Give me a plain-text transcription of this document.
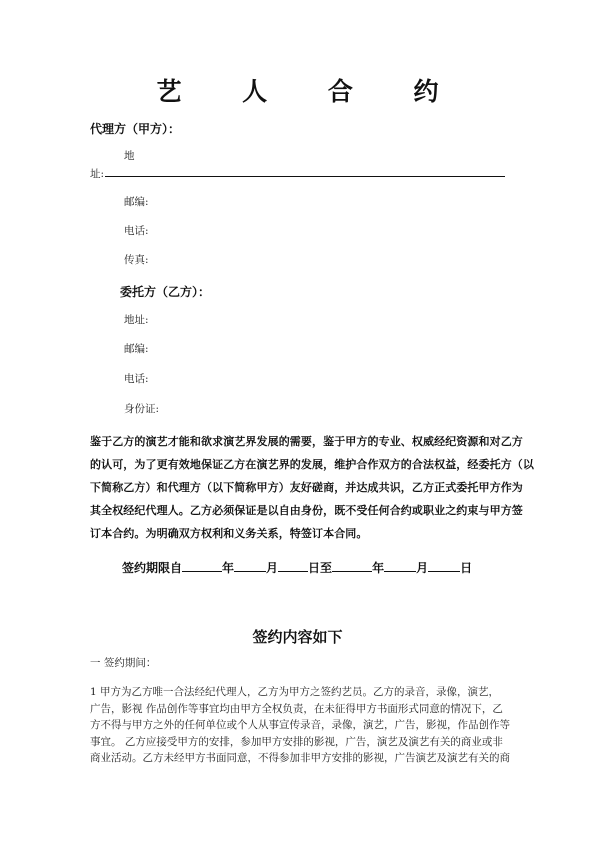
艺 人 合 约
代理方（甲方）：
地
址:
邮编:
电话:
传真:
委托方（乙方）：
地址:
邮编:
电话:
身份证:
鉴于乙方的演艺才能和欲求演艺界发展的需要，鉴于甲方的专业、权威经纪资源和对乙方
的认可，为了更有效地保证乙方在演艺界的发展，维护合作双方的合法权益，经委托方（以
下简称乙方）和代理方（以下简称甲方）友好磋商，并达成共识，乙方正式委托甲方作为
其全权经纪代理人。乙方必须保证是以自由身份，既不受任何合约或职业之约束与甲方签
订本合约。为明确双方权利和义务关系，特签订本合同。
签约期限自	年	月	日至	年	月	日
签约内容如下
一 签约期间：
1 甲方为乙方唯一合法经纪代理人，乙方为甲方之签约艺员。乙方的录音，录像，演艺，
广告，影视 作品创作等事宜均由甲方全权负责，在未征得甲方书面形式同意的情况下，乙
方不得与甲方之外的任何单位或个人从事宣传录音，录像，演艺，广告，影视，作品创作等
事宜。 乙方应接受甲方的安排，参加甲方安排的影视，广告，演艺及演艺有关的商业或非
商业活动。乙方未经甲方书面同意，不得参加非甲方安排的影视，广告演艺及演艺有关的商
